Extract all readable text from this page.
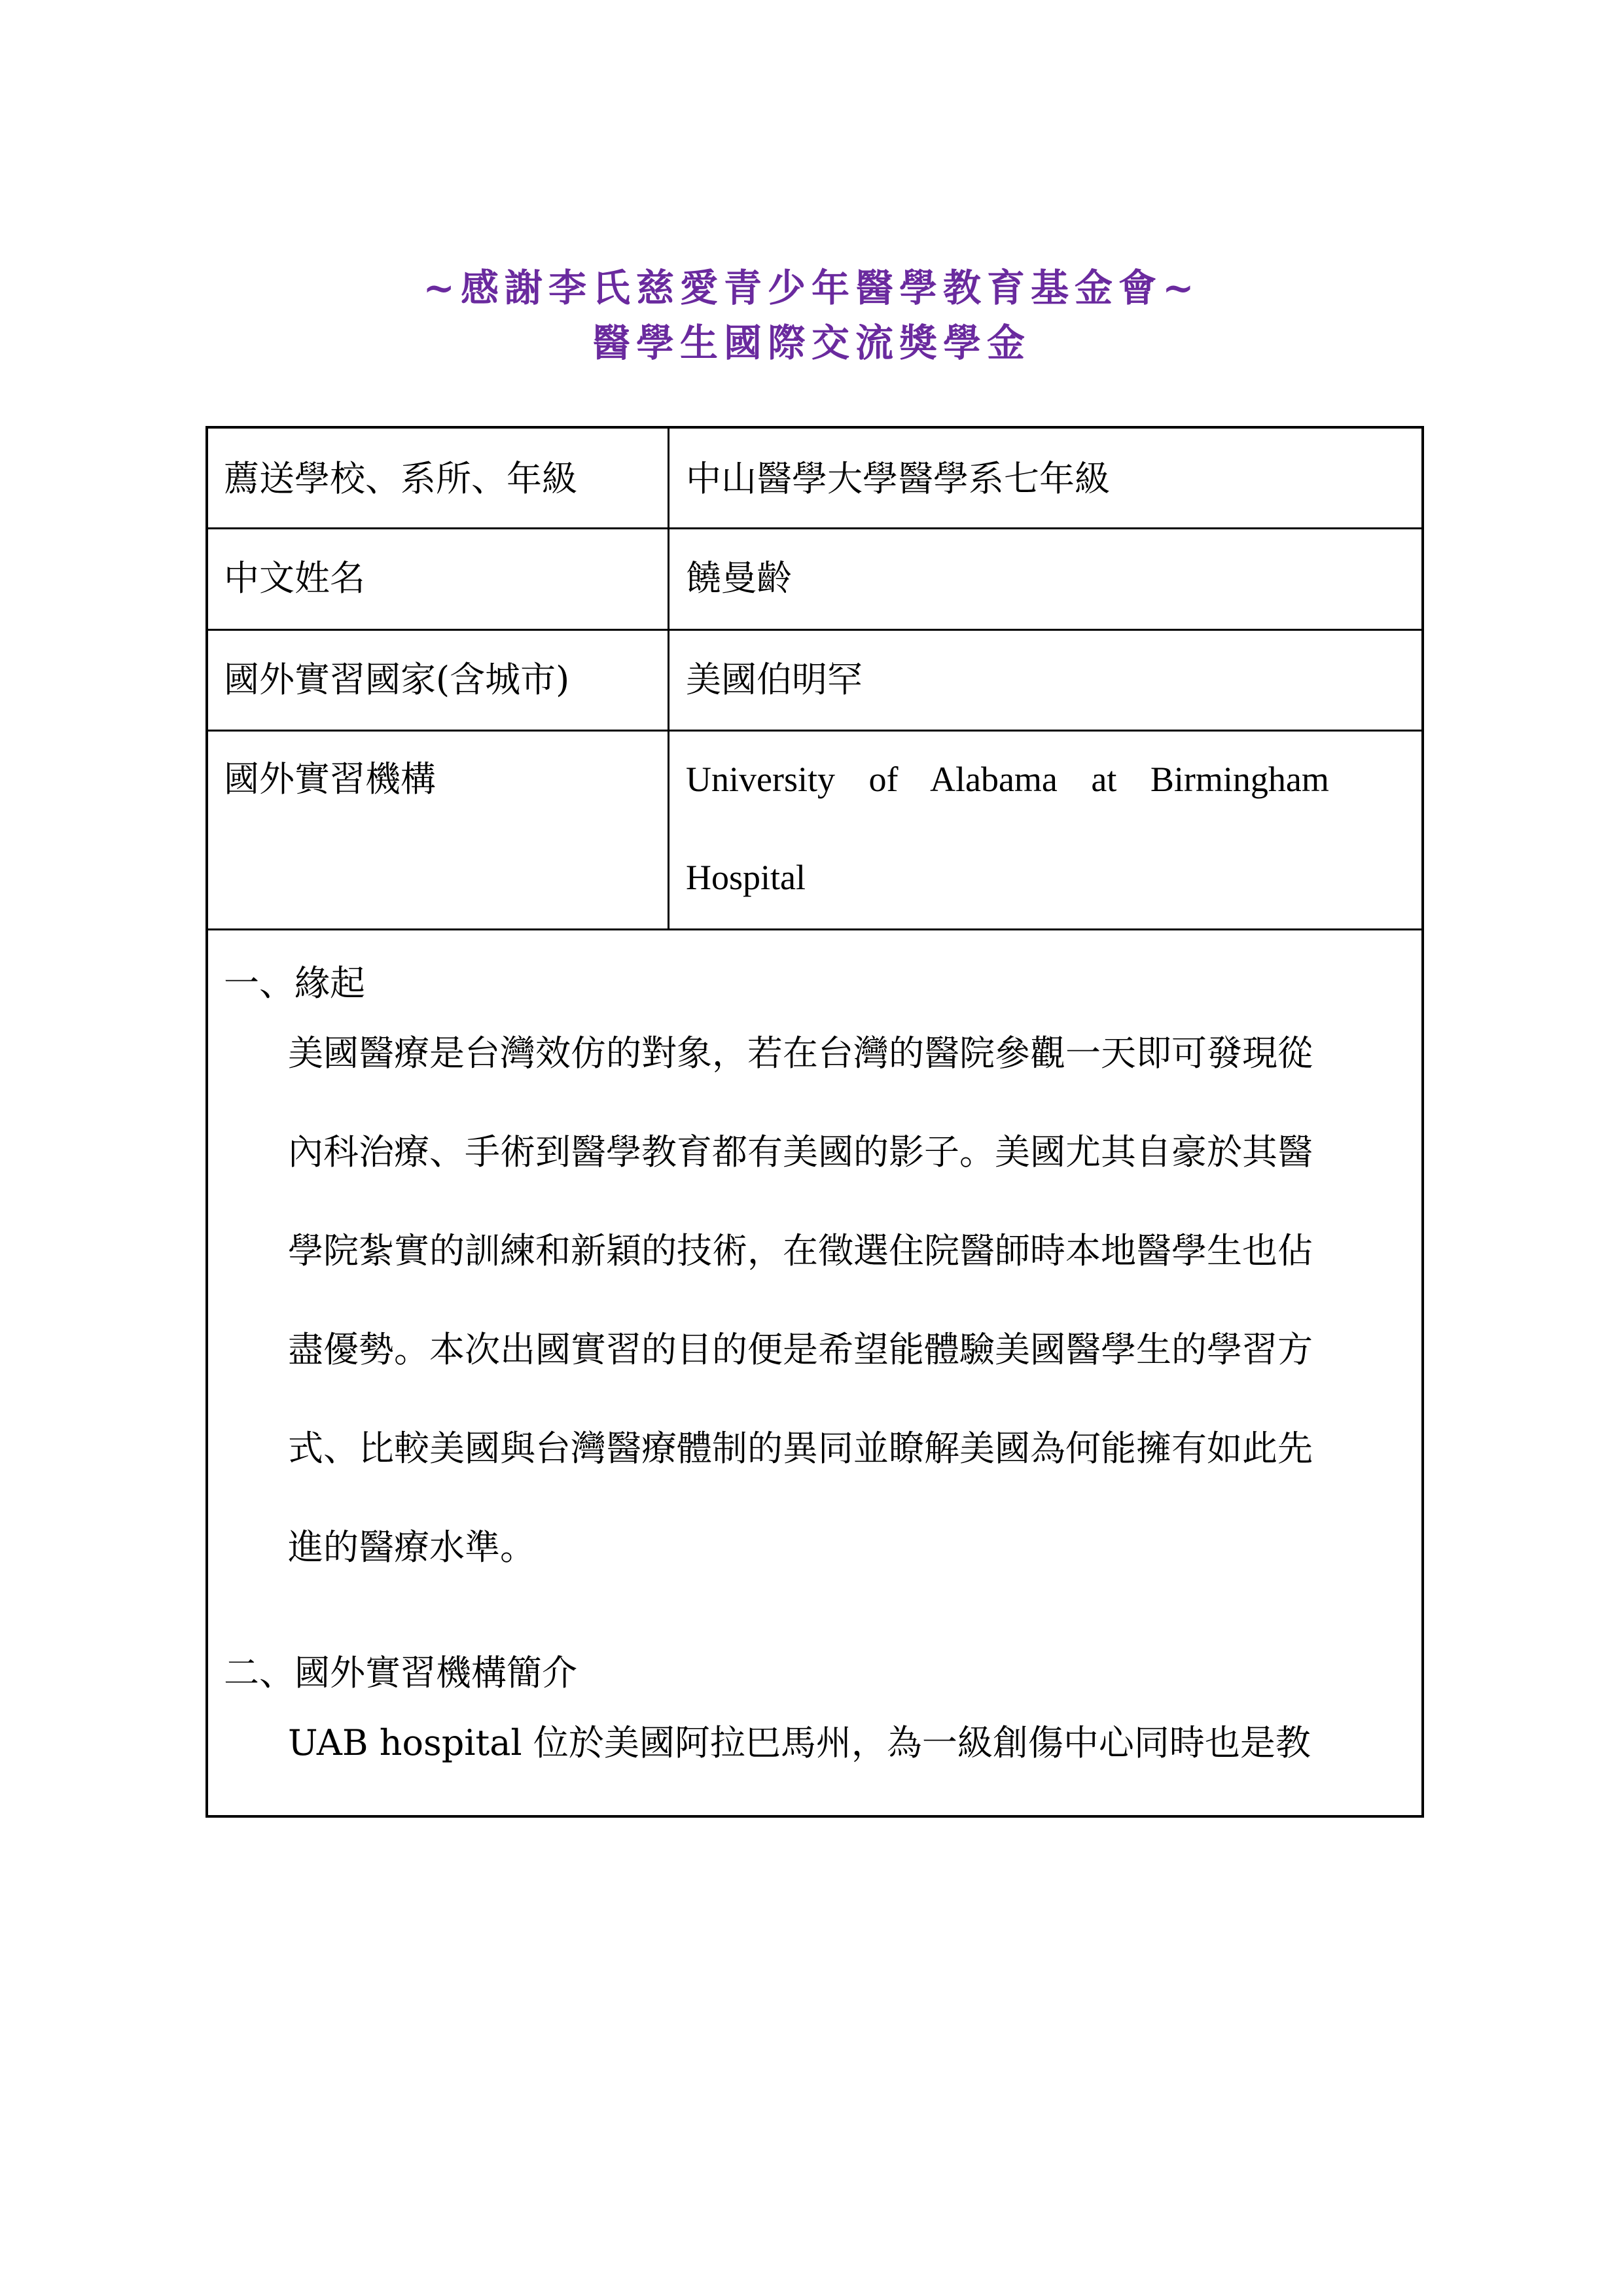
~感謝李氏慈愛青少年醫學教育基金會~
醫學生國際交流獎學金
薦送學校、系所、年級	中山醫學大學醫學系七年級
中文姓名	饒曼齡
國外實習國家(含城市)	美國伯明罕
國外實習機構	University of Alabama at Birmingham
Hospital
一、緣起
美國醫療是台灣效仿的對象，若在台灣的醫院參觀一天即可發現從
內科治療、手術到醫學教育都有美國的影子。美國尤其自豪於其醫
學院紮實的訓練和新穎的技術，在徵選住院醫師時本地醫學生也佔
盡優勢。本次出國實習的目的便是希望能體驗美國醫學生的學習方
式、比較美國與台灣醫療體制的異同並瞭解美國為何能擁有如此先
進的醫療水準。
二、國外實習機構簡介
UAB hospital 位於美國阿拉巴馬州，為一級創傷中心同時也是教
